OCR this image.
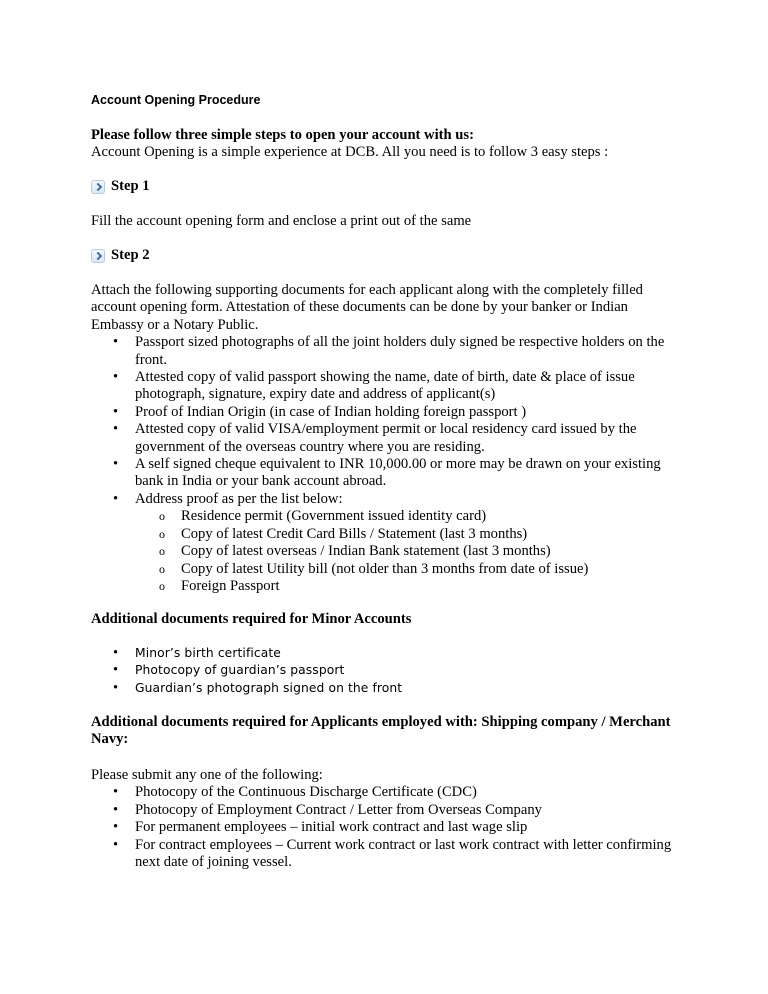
Account Opening Procedure
Please follow three simple steps to open your account with us:
Account Opening is a simple experience at DCB. All you need is to follow 3 easy steps :
Step 1
Fill the account opening form and enclose a print out of the same
Step 2
Attach the following supporting documents for each applicant along with the completely filled account opening form. Attestation of these documents can be done by your banker or Indian Embassy or a Notary Public.
• Passport sized photographs of all the joint holders duly signed be respective holders on the front.
• Attested copy of valid passport showing the name, date of birth, date & place of issue photograph, signature, expiry date and address of applicant(s)
• Proof of Indian Origin (in case of Indian holding foreign passport )
• Attested copy of valid VISA/employment permit or local residency card issued by the government of the overseas country where you are residing.
• A self signed cheque equivalent to INR 10,000.00 or more may be drawn on your existing bank in India or your bank account abroad.
• Address proof as per the list below:
o Residence permit (Government issued identity card)
o Copy of latest Credit Card Bills / Statement (last 3 months)
o Copy of latest overseas / Indian Bank statement (last 3 months)
o Copy of latest Utility bill (not older than 3 months from date of issue)
o Foreign Passport
Additional documents required for Minor Accounts
• Minor’s birth certificate
• Photocopy of guardian’s passport
• Guardian’s photograph signed on the front
Additional documents required for Applicants employed with: Shipping company / Merchant Navy:
Please submit any one of the following:
• Photocopy of the Continuous Discharge Certificate (CDC)
• Photocopy of Employment Contract / Letter from Overseas Company
• For permanent employees – initial work contract and last wage slip
• For contract employees – Current work contract or last work contract with letter confirming next date of joining vessel.
